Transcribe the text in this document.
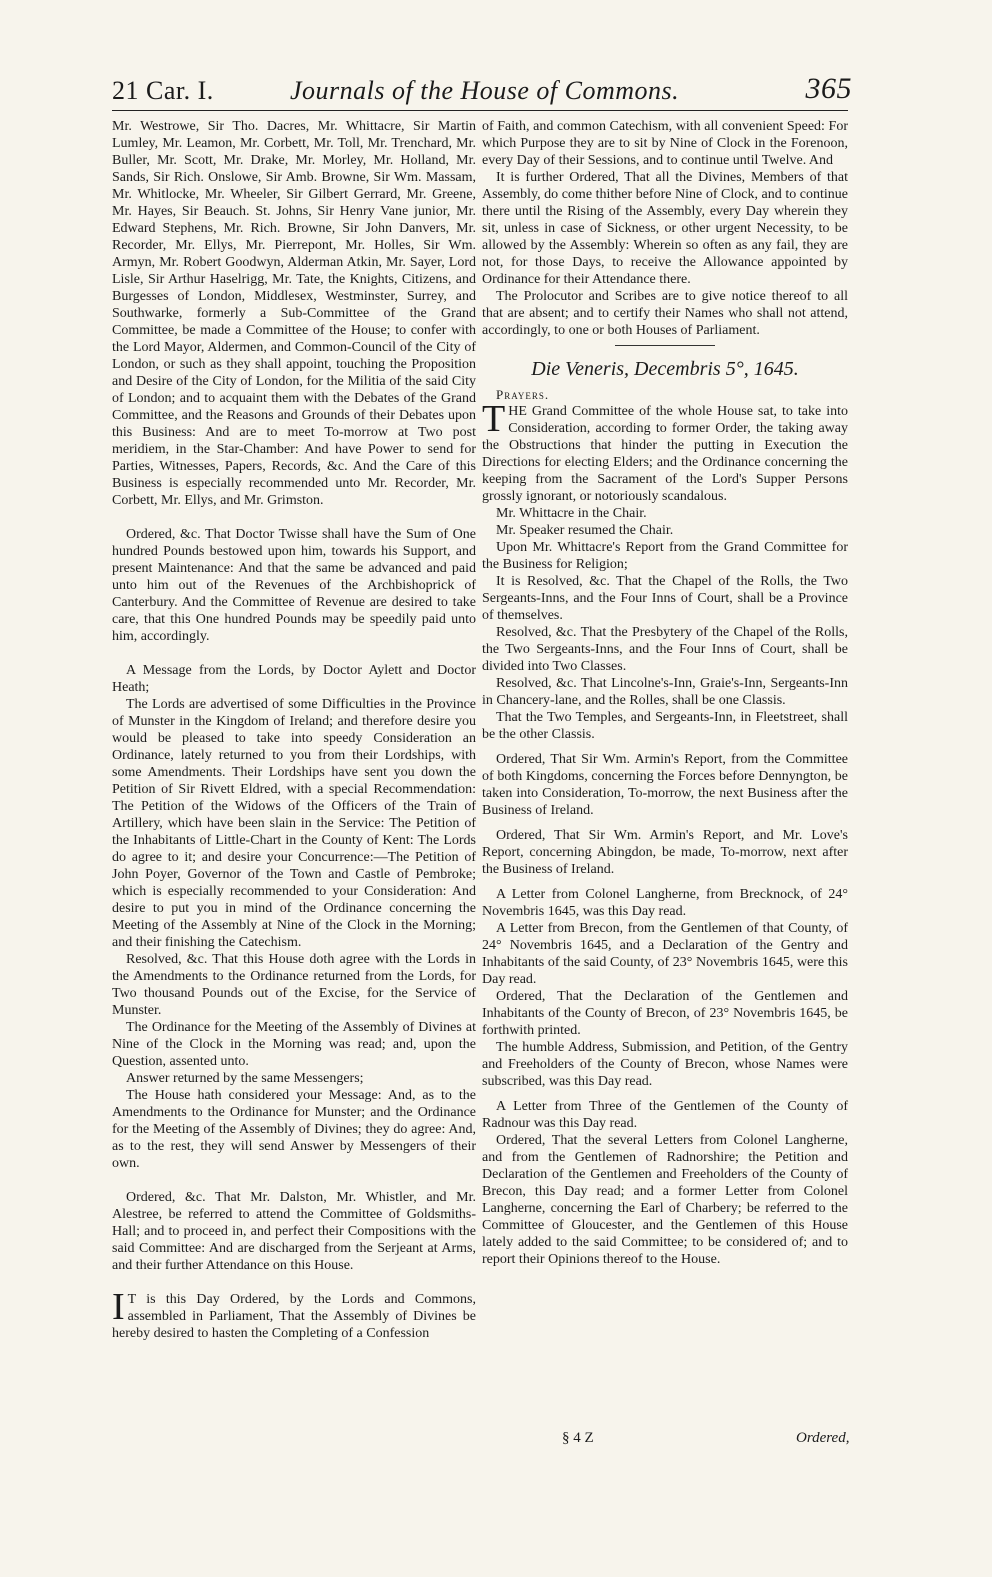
21 Car. I.	Journals of the House of Commons.	365

Mr. Westrowe, Sir Tho. Dacres, Mr. Whittacre, Sir Martin Lumley, Mr. Leamon, Mr. Corbett, Mr. Toll, Mr. Trenchard, Mr. Buller, Mr. Scott, Mr. Drake, Mr. Morley, Mr. Holland, Mr. Sands, Sir Rich. Onslowe, Sir Amb. Browne, Sir Wm. Massam, Mr. Whitlocke, Mr. Wheeler, Sir Gilbert Gerrard, Mr. Greene, Mr. Hayes, Sir Beauch. St. Johns, Sir Henry Vane junior, Mr. Edward Stephens, Mr. Rich. Browne, Sir John Danvers, Mr. Recorder, Mr. Ellys, Mr. Pierrepont, Mr. Holles, Sir Wm. Armyn, Mr. Robert Goodwyn, Alderman Atkin, Mr. Sayer, Lord Lisle, Sir Arthur Haselrigg, Mr. Tate, the Knights, Citizens, and Burgesses of London, Middlesex, Westminster, Surrey, and Southwarke, formerly a Sub-Committee of the Grand Committee, be made a Committee of the House; to confer with the Lord Mayor, Aldermen, and Common-Council of the City of London, or such as they shall appoint, touching the Proposition and Desire of the City of London, for the Militia of the said City of London; and to acquaint them with the Debates of the Grand Committee, and the Reasons and Grounds of their Debates upon this Business: And are to meet To-morrow at Two post meridiem, in the Star-Chamber: And have Power to send for Parties, Witnesses, Papers, Records, &c. And the Care of this Business is especially recommended unto Mr. Recorder, Mr. Corbett, Mr. Ellys, and Mr. Grimston.

Ordered, &c. That Doctor Twisse shall have the Sum of One hundred Pounds bestowed upon him, towards his Support, and present Maintenance: And that the same be advanced and paid unto him out of the Revenues of the Archbishoprick of Canterbury. And the Committee of Revenue are desired to take care, that this One hundred Pounds may be speedily paid unto him, accordingly.

A Message from the Lords, by Doctor Aylett and Doctor Heath;

The Lords are advertised of some Difficulties in the Province of Munster in the Kingdom of Ireland; and therefore desire you would be pleased to take into speedy Consideration an Ordinance, lately returned to you from their Lordships, with some Amendments. Their Lordships have sent you down the Petition of Sir Rivett Eldred, with a special Recommendation: The Petition of the Widows of the Officers of the Train of Artillery, which have been slain in the Service: The Petition of the Inhabitants of Little-Chart in the County of Kent: The Lords do agree to it; and desire your Concurrence:—The Petition of John Poyer, Governor of the Town and Castle of Pembroke; which is especially recommended to your Consideration: And desire to put you in mind of the Ordinance concerning the Meeting of the Assembly at Nine of the Clock in the Morning; and their finishing the Catechism.

Resolved, &c. That this House doth agree with the Lords in the Amendments to the Ordinance returned from the Lords, for Two thousand Pounds out of the Excise, for the Service of Munster.

The Ordinance for the Meeting of the Assembly of Divines at Nine of the Clock in the Morning was read; and, upon the Question, assented unto.

Answer returned by the same Messengers;

The House hath considered your Message: And, as to the Amendments to the Ordinance for Munster; and the Ordinance for the Meeting of the Assembly of Divines; they do agree: And, as to the rest, they will send Answer by Messengers of their own.

Ordered, &c. That Mr. Dalston, Mr. Whistler, and Mr. Alestree, be referred to attend the Committee of Goldsmiths-Hall; and to proceed in, and perfect their Compositions with the said Committee: And are discharged from the Serjeant at Arms, and their further Attendance on this House.

IT is this Day Ordered, by the Lords and Commons, assembled in Parliament, That the Assembly of Divines be hereby desired to hasten the Completing of a Confession

of Faith, and common Catechism, with all convenient Speed: For which Purpose they are to sit by Nine of Clock in the Forenoon, every Day of their Sessions, and to continue until Twelve. And

It is further Ordered, That all the Divines, Members of that Assembly, do come thither before Nine of Clock, and to continue there until the Rising of the Assembly, every Day wherein they sit, unless in case of Sickness, or other urgent Necessity, to be allowed by the Assembly: Wherein so often as any fail, they are not, for those Days, to receive the Allowance appointed by Ordinance for their Attendance there.

The Prolocutor and Scribes are to give notice thereof to all that are absent; and to certify their Names who shall not attend, accordingly, to one or both Houses of Parliament.

Die Veneris, Decembris 5°, 1645.

Prayers.

THE Grand Committee of the whole House sat, to take into Consideration, according to former Order, the taking away the Obstructions that hinder the putting in Execution the Directions for electing Elders; and the Ordinance concerning the keeping from the Sacrament of the Lord's Supper Persons grossly ignorant, or notoriously scandalous.

Mr. Whittacre in the Chair.

Mr. Speaker resumed the Chair.

Upon Mr. Whittacre's Report from the Grand Committee for the Business for Religion;

It is Resolved, &c. That the Chapel of the Rolls, the Two Sergeants-Inns, and the Four Inns of Court, shall be a Province of themselves.

Resolved, &c. That the Presbytery of the Chapel of the Rolls, the Two Sergeants-Inns, and the Four Inns of Court, shall be divided into Two Classes.

Resolved, &c. That Lincolne's-Inn, Graie's-Inn, Sergeants-Inn in Chancery-lane, and the Rolles, shall be one Classis.

That the Two Temples, and Sergeants-Inn, in Fleetstreet, shall be the other Classis.

Ordered, That Sir Wm. Armin's Report, from the Committee of both Kingdoms, concerning the Forces before Dennyngton, be taken into Consideration, To-morrow, the next Business after the Business of Ireland.

Ordered, That Sir Wm. Armin's Report, and Mr. Love's Report, concerning Abingdon, be made, To-morrow, next after the Business of Ireland.

A Letter from Colonel Langherne, from Brecknock, of 24° Novembris 1645, was this Day read.

A Letter from Brecon, from the Gentlemen of that County, of 24° Novembris 1645, and a Declaration of the Gentry and Inhabitants of the said County, of 23° Novembris 1645, were this Day read.

Ordered, That the Declaration of the Gentlemen and Inhabitants of the County of Brecon, of 23° Novembris 1645, be forthwith printed.

The humble Address, Submission, and Petition, of the Gentry and Freeholders of the County of Brecon, whose Names were subscribed, was this Day read.

A Letter from Three of the Gentlemen of the County of Radnour was this Day read.

Ordered, That the several Letters from Colonel Langherne, and from the Gentlemen of Radnorshire; the Petition and Declaration of the Gentlemen and Freeholders of the County of Brecon, this Day read; and a former Letter from Colonel Langherne, concerning the Earl of Charbery; be referred to the Committee of Gloucester, and the Gentlemen of this House lately added to the said Committee; to be considered of; and to report their Opinions thereof to the House.

§ 4 Z	Ordered,
